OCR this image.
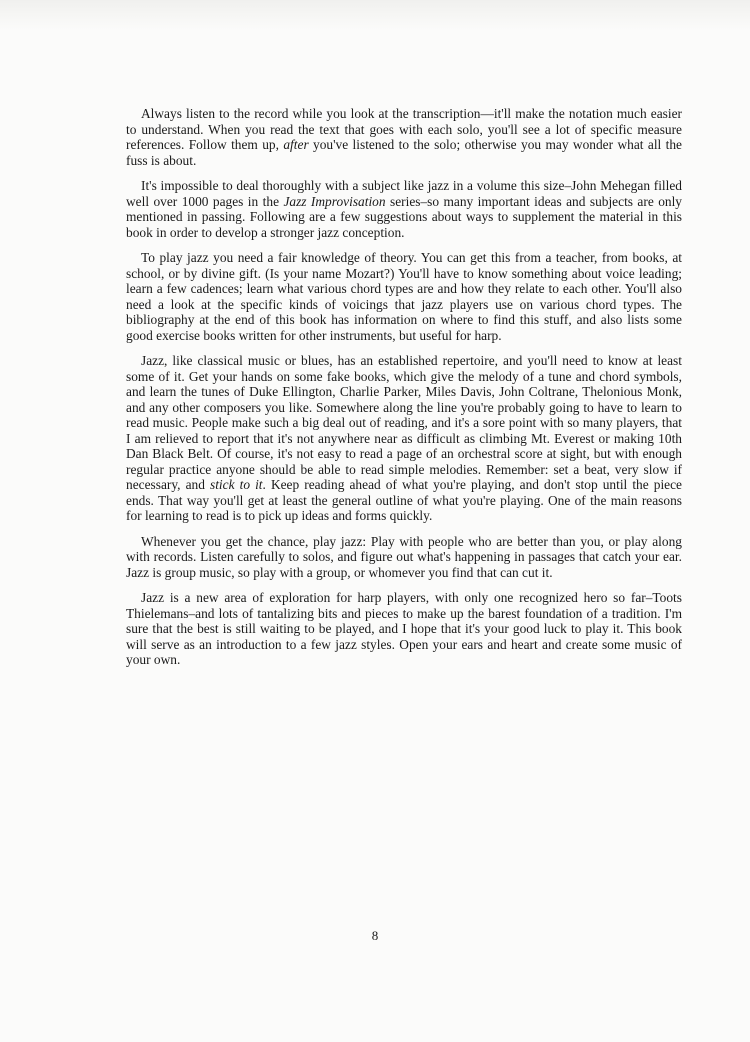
Always listen to the record while you look at the transcription—it'll make the notation much easier to understand. When you read the text that goes with each solo, you'll see a lot of specific measure references. Follow them up, after you've listened to the solo; otherwise you may wonder what all the fuss is about.

It's impossible to deal thoroughly with a subject like jazz in a volume this size–John Mehegan filled well over 1000 pages in the Jazz Improvisation series–so many important ideas and subjects are only mentioned in passing. Following are a few suggestions about ways to supplement the material in this book in order to develop a stronger jazz conception.

To play jazz you need a fair knowledge of theory. You can get this from a teacher, from books, at school, or by divine gift. (Is your name Mozart?) You'll have to know something about voice leading; learn a few cadences; learn what various chord types are and how they relate to each other. You'll also need a look at the specific kinds of voicings that jazz players use on various chord types. The bibliography at the end of this book has information on where to find this stuff, and also lists some good exercise books written for other instruments, but useful for harp.

Jazz, like classical music or blues, has an established repertoire, and you'll need to know at least some of it. Get your hands on some fake books, which give the melody of a tune and chord symbols, and learn the tunes of Duke Ellington, Charlie Parker, Miles Davis, John Coltrane, Thelonious Monk, and any other composers you like. Somewhere along the line you're probably going to have to learn to read music. People make such a big deal out of reading, and it's a sore point with so many players, that I am relieved to report that it's not anywhere near as difficult as climbing Mt. Everest or making 10th Dan Black Belt. Of course, it's not easy to read a page of an orchestral score at sight, but with enough regular practice anyone should be able to read simple melodies. Remember: set a beat, very slow if necessary, and stick to it. Keep reading ahead of what you're playing, and don't stop until the piece ends. That way you'll get at least the general outline of what you're playing. One of the main reasons for learning to read is to pick up ideas and forms quickly.

Whenever you get the chance, play jazz: Play with people who are better than you, or play along with records. Listen carefully to solos, and figure out what's happening in passages that catch your ear. Jazz is group music, so play with a group, or whomever you find that can cut it.

Jazz is a new area of exploration for harp players, with only one recognized hero so far–Toots Thielemans–and lots of tantalizing bits and pieces to make up the barest foundation of a tradition. I'm sure that the best is still waiting to be played, and I hope that it's your good luck to play it. This book will serve as an introduction to a few jazz styles. Open your ears and heart and create some music of your own.

8
